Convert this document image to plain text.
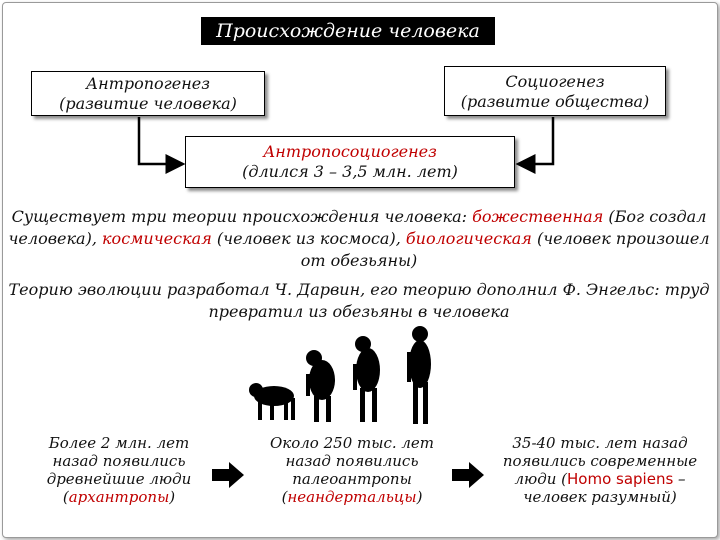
Происхождение человека
Антропогенез
(развитие человека)
Социогенез
(развитие общества)
Антропосоциогенез
(длился 3 – 3,5 млн. лет)
Существует три теории происхождения человека: божественная (Бог создал человека), космическая (человек из космоса), биологическая (человек произошел от обезьяны)
Теорию эволюции разработал Ч. Дарвин, его теорию дополнил Ф. Энгельс: труд превратил из обезьяны в человека
Более 2 млн. лет назад появились древнейшие люди (архантропы)
Около 250 тыс. лет назад появились палеоантропы (неандертальцы)
35-40 тыс. лет назад появились современные люди (Homo sapiens – человек разумный)
